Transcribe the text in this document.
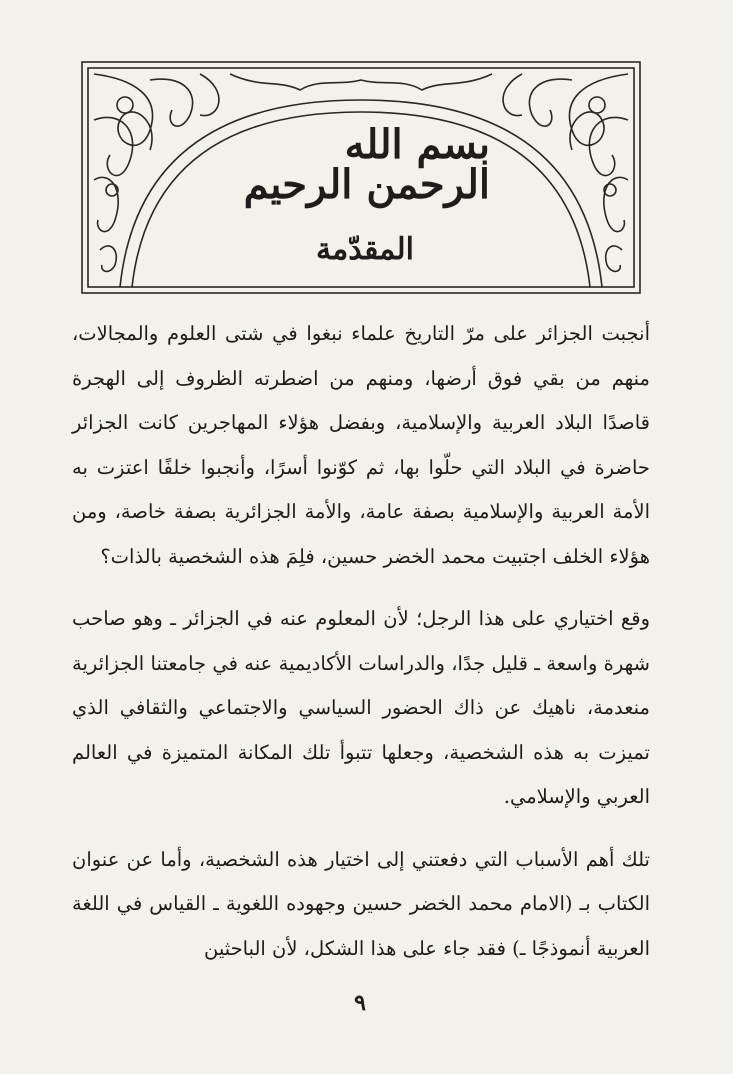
بسم الله الرحمن الرحيم
المقدّمة

أنجبت الجزائر على مرّ التاريخ علماء نبغوا في شتى العلوم والمجالات، منهم من بقي فوق أرضها، ومنهم من اضطرته الظروف إلى الهجرة قاصدًا البلاد العربية والإسلامية، وبفضل هؤلاء المهاجرين كانت الجزائر حاضرة في البلاد التي حلّوا بها، ثم كوّنوا أسرًا، وأنجبوا خلفًا اعتزت به الأمة العربية والإسلامية بصفة عامة، والأمة الجزائرية بصفة خاصة، ومن هؤلاء الخلف اجتبيت محمد الخضر حسين، فلِمَ هذه الشخصية بالذات؟

وقع اختياري على هذا الرجل؛ لأن المعلوم عنه في الجزائر ـ وهو صاحب شهرة واسعة ـ قليل جدًا، والدراسات الأكاديمية عنه في جامعتنا الجزائرية منعدمة، ناهيك عن ذاك الحضور السياسي والاجتماعي والثقافي الذي تميزت به هذه الشخصية، وجعلها تتبوأ تلك المكانة المتميزة في العالم العربي والإسلامي.

تلك أهم الأسباب التي دفعتني إلى اختيار هذه الشخصية، وأما عن عنوان الكتاب بـ (الامام محمد الخضر حسين وجهوده اللغوية ـ القياس في اللغة العربية أنموذجًا ـ) فقد جاء على هذا الشكل، لأن الباحثين

٩
